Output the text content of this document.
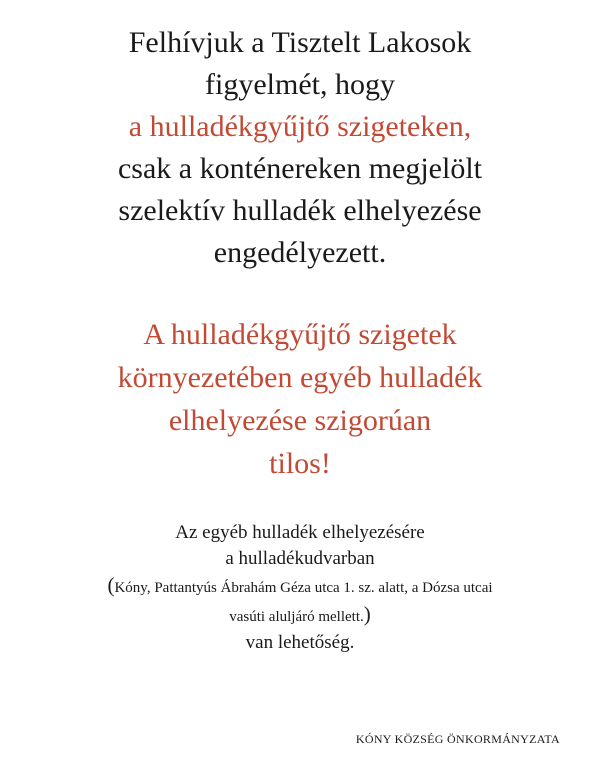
Felhívjuk a Tisztelt Lakosok
figyelmét, hogy
a hulladékgyűjtő szigeteken,
csak a konténereken megjelölt
szelektív hulladék elhelyezése
engedélyezett.
A hulladékgyűjtő szigetek
környezetében egyéb hulladék
elhelyezése szigorúan
tilos!
Az egyéb hulladék elhelyezésére
a hulladékudvarban
(Kóny, Pattantyús Ábrahám Géza utca 1. sz. alatt, a Dózsa utcai
vasúti aluljáró mellett.)
van lehetőség.
KÓNY KÖZSÉG ÖNKORMÁNYZATA
